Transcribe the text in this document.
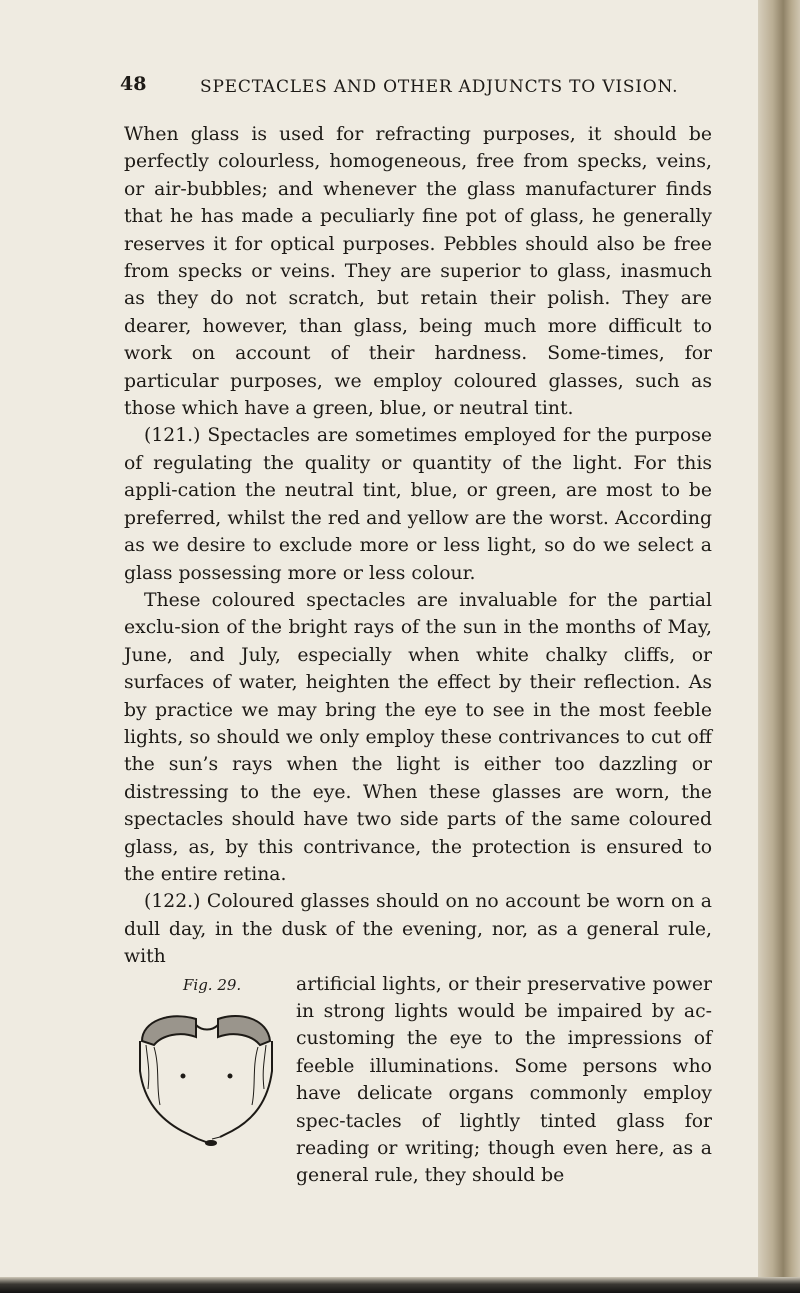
48	SPECTACLES AND OTHER ADJUNCTS TO VISION.

When glass is used for refracting purposes, it should be perfectly colourless, homogeneous, free from specks, veins, or air-bubbles; and whenever the glass manufacturer finds that he has made a peculiarly fine pot of glass, he generally reserves it for optical purposes. Pebbles should also be free from specks or veins. They are superior to glass, inasmuch as they do not scratch, but retain their polish. They are dearer, however, than glass, being much more difficult to work on account of their hardness. Some-times, for particular purposes, we employ coloured glasses, such as those which have a green, blue, or neutral tint.

(121.) Spectacles are sometimes employed for the purpose of regulating the quality or quantity of the light. For this appli-cation the neutral tint, blue, or green, are most to be preferred, whilst the red and yellow are the worst. According as we desire to exclude more or less light, so do we select a glass possessing more or less colour.

These coloured spectacles are invaluable for the partial exclu-sion of the bright rays of the sun in the months of May, June, and July, especially when white chalky cliffs, or surfaces of water, heighten the effect by their reflection. As by practice we may bring the eye to see in the most feeble lights, so should we only employ these contrivances to cut off the sun’s rays when the light is either too dazzling or distressing to the eye. When these glasses are worn, the spectacles should have two side parts of the same coloured glass, as, by this contrivance, the protection is ensured to the entire retina.

(122.) Coloured glasses should on no account be worn on a dull day, in the dusk of the evening, nor, as a general rule, with

Fig. 29.	artificial lights, or their preservative power in strong lights would be impaired by ac-customing the eye to the impressions of feeble illuminations. Some persons who have delicate organs commonly employ spec-tacles of lightly tinted glass for reading or writing; though even here, as a general rule, they should be
